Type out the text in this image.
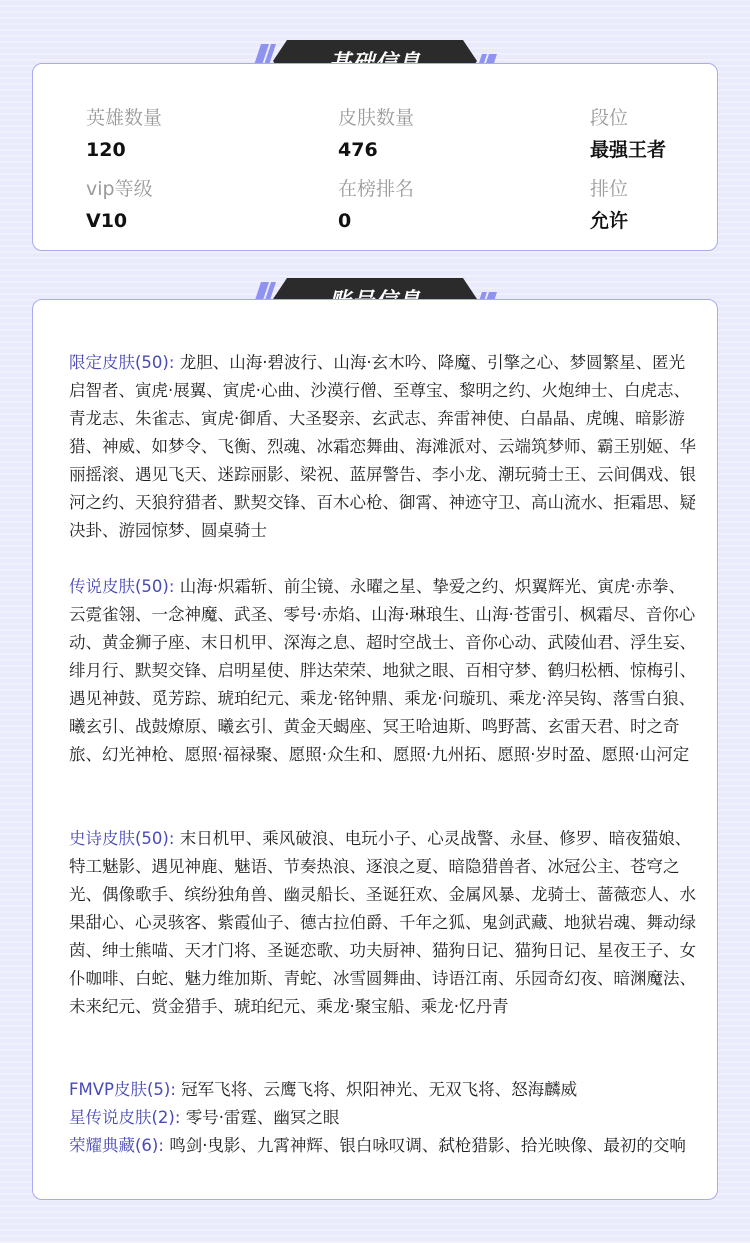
英雄数量
120
皮肤数量
476
段位
最强王者
vip等级
V10
在榜排名
0
排位
允许
限定皮肤(50): 龙胆、山海·碧波行、山海·玄木吟、降魔、引擎之心、梦圆繁星、匿光启智者、寅虎·展翼、寅虎·心曲、沙漠行僧、至尊宝、黎明之约、火炮绅士、白虎志、青龙志、朱雀志、寅虎·御盾、大圣娶亲、玄武志、奔雷神使、白晶晶、虎魄、暗影游猎、神威、如梦令、飞衡、烈魂、冰霜恋舞曲、海滩派对、云端筑梦师、霸王别姬、华丽摇滚、遇见飞天、迷踪丽影、梁祝、蓝屏警告、李小龙、潮玩骑士王、云间偶戏、银河之约、天狼狩猎者、默契交锋、百木心枪、御霄、神迹守卫、高山流水、拒霜思、疑决卦、游园惊梦、圆桌骑士
传说皮肤(50): 山海·炽霜斩、前尘镜、永曜之星、挚爱之约、炽翼辉光、寅虎·赤拳、云霓雀翎、一念神魔、武圣、零号·赤焰、山海·琳琅生、山海·苍雷引、枫霜尽、音你心动、黄金狮子座、末日机甲、深海之息、超时空战士、音你心动、武陵仙君、浮生妄、绯月行、默契交锋、启明星使、胖达荣荣、地狱之眼、百相守梦、鹤归松栖、惊梅引、遇见神鼓、觅芳踪、琥珀纪元、乘龙·铭钟鼎、乘龙·问璇玑、乘龙·淬吴钩、落雪白狼、曦玄引、战鼓燎原、曦玄引、黄金天蝎座、冥王哈迪斯、鸣野蒿、玄雷天君、时之奇旅、幻光神枪、愿照·福禄聚、愿照·众生和、愿照·九州拓、愿照·岁时盈、愿照·山河定
史诗皮肤(50): 末日机甲、乘风破浪、电玩小子、心灵战警、永昼、修罗、暗夜猫娘、特工魅影、遇见神鹿、魅语、节奏热浪、逐浪之夏、暗隐猎兽者、冰冠公主、苍穹之光、偶像歌手、缤纷独角兽、幽灵船长、圣诞狂欢、金属风暴、龙骑士、蔷薇恋人、水果甜心、心灵骇客、紫霞仙子、德古拉伯爵、千年之狐、鬼剑武藏、地狱岩魂、舞动绿茵、绅士熊喵、天才门将、圣诞恋歌、功夫厨神、猫狗日记、猫狗日记、星夜王子、女仆咖啡、白蛇、魅力维加斯、青蛇、冰雪圆舞曲、诗语江南、乐园奇幻夜、暗渊魔法、未来纪元、赏金猎手、琥珀纪元、乘龙·聚宝船、乘龙·忆丹青
FMVP皮肤(5): 冠军飞将、云鹰飞将、炽阳神光、无双飞将、怒海麟威
星传说皮肤(2): 零号·雷霆、幽冥之眼
荣耀典藏(6): 鸣剑·曳影、九霄神辉、银白咏叹调、弑枪猎影、拾光映像、最初的交响
